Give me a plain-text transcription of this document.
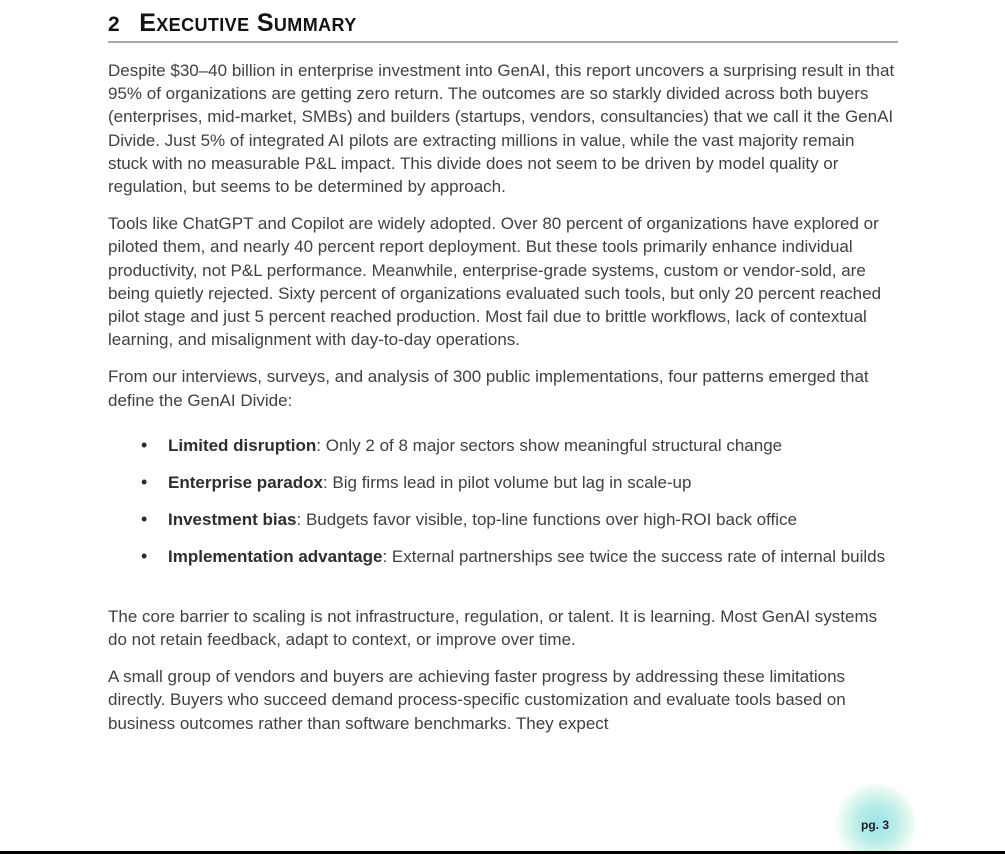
2 Executive Summary

Despite $30–40 billion in enterprise investment into GenAI, this report uncovers a surprising result in that 95% of organizations are getting zero return. The outcomes are so starkly divided across both buyers (enterprises, mid-market, SMBs) and builders (startups, vendors, consultancies) that we call it the GenAI Divide. Just 5% of integrated AI pilots are extracting millions in value, while the vast majority remain stuck with no measurable P&L impact. This divide does not seem to be driven by model quality or regulation, but seems to be determined by approach.

Tools like ChatGPT and Copilot are widely adopted. Over 80 percent of organizations have explored or piloted them, and nearly 40 percent report deployment. But these tools primarily enhance individual productivity, not P&L performance. Meanwhile, enterprise-grade systems, custom or vendor-sold, are being quietly rejected. Sixty percent of organizations evaluated such tools, but only 20 percent reached pilot stage and just 5 percent reached production. Most fail due to brittle workflows, lack of contextual learning, and misalignment with day-to-day operations.

From our interviews, surveys, and analysis of 300 public implementations, four patterns emerged that define the GenAI Divide:

• Limited disruption: Only 2 of 8 major sectors show meaningful structural change
• Enterprise paradox: Big firms lead in pilot volume but lag in scale-up
• Investment bias: Budgets favor visible, top-line functions over high-ROI back office
• Implementation advantage: External partnerships see twice the success rate of internal builds

The core barrier to scaling is not infrastructure, regulation, or talent. It is learning. Most GenAI systems do not retain feedback, adapt to context, or improve over time.

A small group of vendors and buyers are achieving faster progress by addressing these limitations directly. Buyers who succeed demand process-specific customization and evaluate tools based on business outcomes rather than software benchmarks. They expect

pg. 3
